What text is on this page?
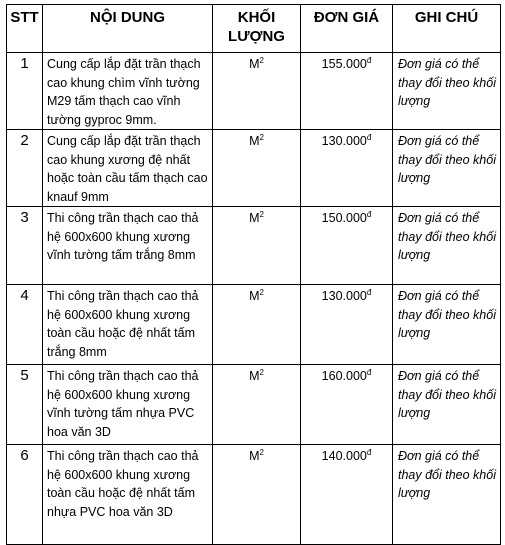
STT	NỘI DUNG	KHỐI LƯỢNG	ĐƠN GIÁ	GHI CHÚ
1	Cung cấp lắp đặt trần thạch cao khung chìm vĩnh tường M29 tấm thạch cao vĩnh tường gyproc 9mm.	$M^2$	$155.000^đ$	Đơn giá có thể thay đổi theo khối lượng
2	Cung cấp lắp đặt trần thạch cao khung xương đệ nhất hoặc toàn cầu tấm thạch cao knauf 9mm	$M^2$	$130.000^đ$	Đơn giá có thể thay đổi theo khối lượng
3	Thi công trần thạch cao thả hệ 600x600 khung xương vĩnh tường tấm trắng 8mm	$M^2$	$150.000^đ$	Đơn giá có thể thay đổi theo khối lượng
4	Thi công trần thạch cao thả hệ 600x600 khung xương toàn cầu hoặc đệ nhất tấm trắng 8mm	$M^2$	$130.000^đ$	Đơn giá có thể thay đổi theo khối lượng
5	Thi công trần thạch cao thả hệ 600x600 khung xương vĩnh tường tấm nhựa PVC hoa văn 3D	$M^2$	$160.000^đ$	Đơn giá có thể thay đổi theo khối lượng
6	Thi công trần thạch cao thả hệ 600x600 khung xương toàn cầu hoặc đệ nhất tấm nhựa PVC hoa văn 3D	$M^2$	$140.000^đ$	Đơn giá có thể thay đổi theo khối lượng
